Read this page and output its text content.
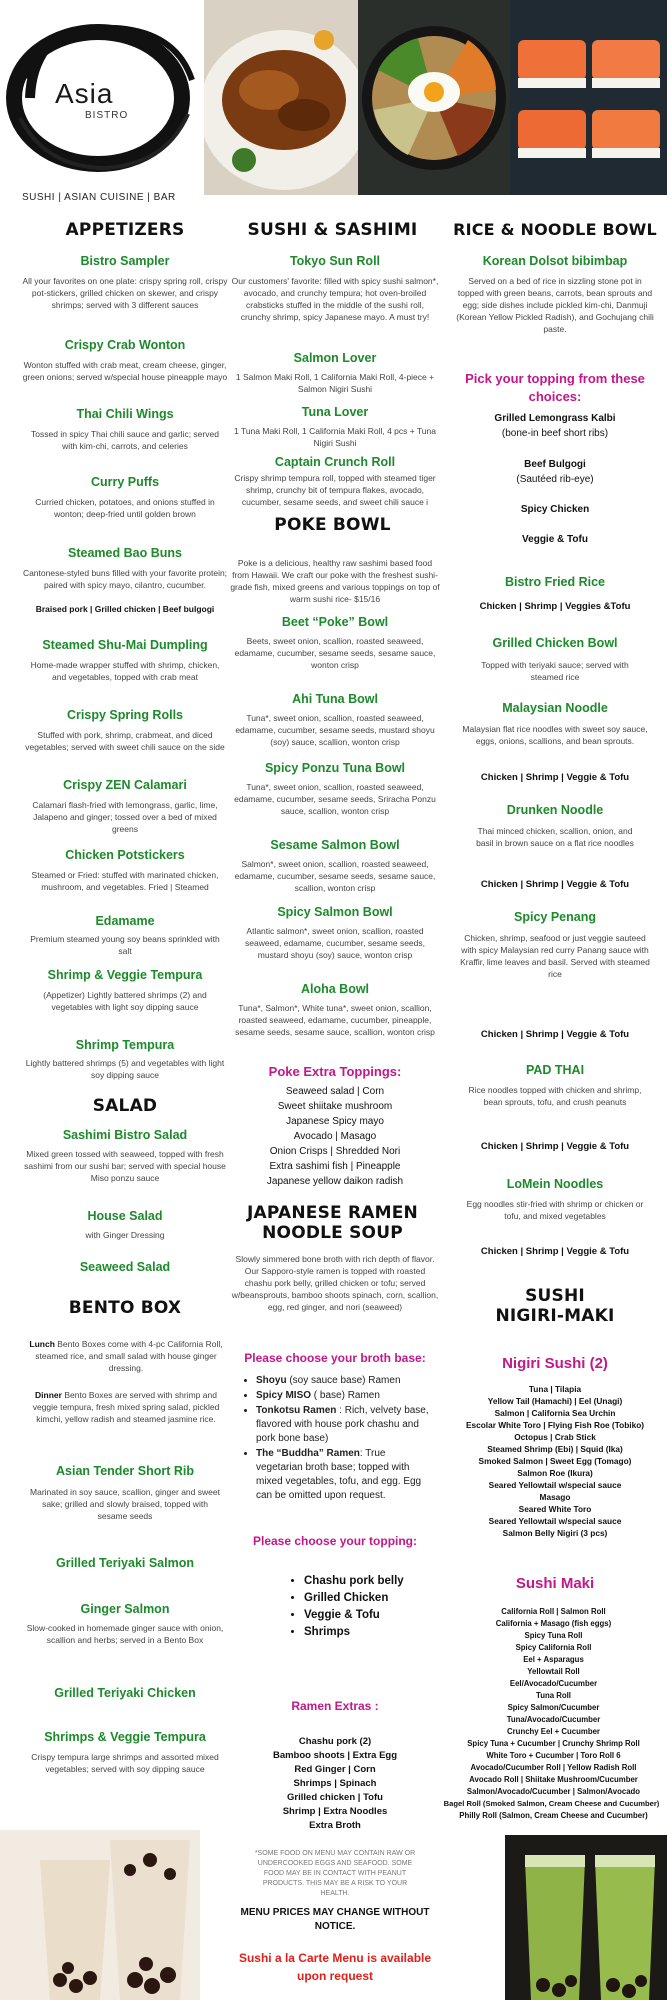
Asia
BISTRO
SUSHI | ASIAN CUISINE | BAR
APPETIZERS
Bistro Sampler
All your favorites on one plate: crispy spring roll, crispy pot-stickers, grilled chicken on skewer, and crispy shrimps; served with 3 different sauces
Crispy Crab Wonton
Wonton stuffed with crab meat, cream cheese, ginger, green onions; served w/special house pineapple mayo
Thai Chili Wings
Tossed in spicy Thai chili sauce and garlic; served with kim-chi, carrots, and celeries
Curry Puffs
Curried chicken, potatoes, and onions stuffed in wonton; deep-fried until golden brown
Steamed Bao Buns
Cantonese-styled buns filled with your favorite protein; paired with spicy mayo, cilantro, cucumber.
Braised pork | Grilled chicken | Beef bulgogi
Steamed Shu-Mai Dumpling
Home-made wrapper stuffed with shrimp, chicken, and vegetables, topped with crab meat
Crispy Spring Rolls
Stuffed with pork, shrimp, crabmeat, and diced vegetables; served with sweet chili sauce on the side
Crispy ZEN Calamari
Calamari flash-fried with lemongrass, garlic, lime, Jalapeno and ginger; tossed over a bed of mixed greens
Chicken Potstickers
Steamed or Fried: stuffed with marinated chicken, mushroom, and vegetables. Fried | Steamed
Edamame
Premium steamed young soy beans sprinkled with salt
Shrimp & Veggie Tempura
(Appetizer) Lightly battered shrimps (2) and vegetables with light soy dipping sauce
Shrimp Tempura
Lightly battered shrimps (5) and vegetables with light soy dipping sauce
SALAD
Sashimi Bistro Salad
Mixed green tossed with seaweed, topped with fresh sashimi from our sushi bar; served with special house Miso ponzu sauce
House Salad
with Ginger Dressing
Seaweed Salad
BENTO BOX
Lunch Bento Boxes come with 4-pc California Roll, steamed rice, and small salad with house ginger dressing.
Dinner Bento Boxes are served with shrimp and veggie tempura, fresh mixed spring salad, pickled kimchi, yellow radish and steamed jasmine rice.
Asian Tender Short Rib
Marinated in soy sauce, scallion, ginger and sweet sake; grilled and slowly braised, topped with sesame seeds
Grilled Teriyaki Salmon
Ginger Salmon
Slow-cooked in homemade ginger sauce with onion, scallion and herbs; served in a Bento Box
Grilled Teriyaki Chicken
Shrimps & Veggie Tempura
Crispy tempura large shrimps and assorted mixed vegetables; served with soy dipping sauce
SUSHI & SASHIMI
Tokyo Sun Roll
Our customers' favorite: filled with spicy sushi salmon*, avocado, and crunchy tempura; hot oven-broiled crabsticks stuffed in the middle of the sushi roll, crunchy shrimp, spicy Japanese mayo. A must try!
Salmon Lover
1 Salmon Maki Roll, 1 California Maki Roll, 4-piece + Salmon Nigiri Sushi
Tuna Lover
1 Tuna Maki Roll, 1 California Maki Roll, 4 pcs + Tuna Nigiri Sushi
Captain Crunch Roll
Crispy shrimp tempura roll, topped with steamed tiger shrimp, crunchy bit of tempura flakes, avocado, cucumber, sesame seeds, and sweet chili sauce i
POKE BOWL
Poke is a delicious, healthy raw sashimi based food from Hawaii. We craft our poke with the freshest sushi-grade fish, mixed greens and various toppings on top of warm sushi rice- $15/16
Beet “Poke” Bowl
Beets, sweet onion, scallion, roasted seaweed, edamame, cucumber, sesame seeds, sesame sauce, wonton crisp
Ahi Tuna Bowl
Tuna*, sweet onion, scallion, roasted seaweed, edamame, cucumber, sesame seeds, mustard shoyu (soy) sauce, scallion, wonton crisp
Spicy Ponzu Tuna Bowl
Tuna*, sweet onion, scallion, roasted seaweed, edamame, cucumber, sesame seeds, Sriracha Ponzu sauce, scallion, wonton crisp
Sesame Salmon Bowl
Salmon*, sweet onion, scallion, roasted seaweed, edamame, cucumber, sesame seeds, sesame sauce, scallion, wonton crisp
Spicy Salmon Bowl
Atlantic salmon*, sweet onion, scallion, roasted seaweed, edamame, cucumber, sesame seeds, mustard shoyu (soy) sauce, wonton crisp
Aloha Bowl
Tuna*, Salmon*, White tuna*, sweet onion, scallion, roasted seaweed, edamame, cucumber, pineapple, sesame seeds, sesame sauce, scallion, wonton crisp
Poke Extra Toppings:
Seaweed salad | Corn
Sweet shiitake mushroom
Japanese Spicy mayo
Avocado | Masago
Onion Crisps | Shredded Nori
Extra sashimi fish | Pineapple
Japanese yellow daikon radish
JAPANESE RAMEN
NOODLE SOUP
Slowly simmered bone broth with rich depth of flavor. Our Sapporo-style ramen is topped with roasted chashu pork belly, grilled chicken or tofu; served w/beansprouts, bamboo shoots spinach, corn, scallion, egg, red ginger, and nori (seaweed)
Please choose your broth base:
• Shoyu (soy sauce base) Ramen
• Spicy MISO ( base) Ramen
• Tonkotsu Ramen : Rich, velvety base, flavored with house pork chashu and pork bone base)
• The “Buddha” Ramen: True vegetarian broth base; topped with mixed vegetables, tofu, and egg. Egg can be omitted upon request.
Please choose your topping:
• Chashu pork belly
• Grilled Chicken
• Veggie & Tofu
• Shrimps
Ramen Extras :
Chashu pork (2)
Bamboo shoots | Extra Egg
Red Ginger | Corn
Shrimps | Spinach
Grilled chicken | Tofu
Shrimp | Extra Noodles
Extra Broth
*SOME FOOD ON MENU MAY CONTAIN RAW OR UNDERCOOKED EGGS AND SEAFOOD. SOME FOOD MAY BE IN CONTACT WITH PEANUT PRODUCTS. THIS MAY BE A RISK TO YOUR HEALTH.
MENU PRICES MAY CHANGE WITHOUT NOTICE.
Sushi a la Carte Menu is available upon request
RICE & NOODLE BOWL
Korean Dolsot bibimbap
Served on a bed of rice in sizzling stone pot in topped with green beans, carrots, bean sprouts and egg; side dishes include pickled kim-chi, Danmuji (Korean Yellow Pickled Radish), and Gochujang chili paste.
Pick your topping from these choices:
Grilled Lemongrass Kalbi
(bone-in beef short ribs)
Beef Bulgogi
(Sautéed rib-eye)
Spicy Chicken
Veggie & Tofu
Bistro Fried Rice
Chicken | Shrimp | Veggies &Tofu
Grilled Chicken Bowl
Topped with teriyaki sauce; served with steamed rice
Malaysian Noodle
Malaysian flat rice noodles with sweet soy sauce, eggs, onions, scallions, and bean sprouts.
Chicken | Shrimp | Veggie & Tofu
Drunken Noodle
Thai minced chicken, scallion, onion, and basil in brown sauce on a flat rice noodles
Chicken | Shrimp | Veggie & Tofu
Spicy Penang
Chicken, shrimp, seafood or just veggie sauteed with spicy Malaysian red curry Panang sauce with Kraffir, lime leaves and basil. Served with steamed rice
Chicken | Shrimp | Veggie & Tofu
PAD THAI
Rice noodles topped with chicken and shrimp, bean sprouts, tofu, and crush peanuts
Chicken | Shrimp | Veggie & Tofu
LoMein Noodles
Egg noodles stir-fried with shrimp or chicken or tofu, and mixed vegetables
Chicken | Shrimp | Veggie & Tofu
SUSHI
NIGIRI-MAKI
Nigiri Sushi (2)
Tuna | Tilapia
Yellow Tail (Hamachi) | Eel (Unagi)
Salmon | California Sea Urchin
Escolar White Toro | Flying Fish Roe (Tobiko)
Octopus | Crab Stick
Steamed Shrimp (Ebi) | Squid (Ika)
Smoked Salmon | Sweet Egg (Tomago)
Salmon Roe (Ikura)
Seared Yellowtail w/special sauce
Masago
Seared White Toro
Seared Yellowtail w/special sauce
Salmon Belly Nigiri (3 pcs)
Sushi Maki
California Roll | Salmon Roll
California + Masago (fish eggs)
Spicy Tuna Roll
Spicy California Roll
Eel + Asparagus
Yellowtail Roll
Eel/Avocado/Cucumber
Tuna Roll
Spicy Salmon/Cucumber
Tuna/Avocado/Cucumber
Crunchy Eel + Cucumber
Spicy Tuna + Cucumber | Crunchy Shrimp Roll
White Toro + Cucumber | Toro Roll 6
Avocado/Cucumber Roll | Yellow Radish Roll
Avocado Roll | Shiitake Mushroom/Cucumber
Salmon/Avocado/Cucumber | Salmon/Avocado
Bagel Roll (Smoked Salmon, Cream Cheese and Cucumber)
Philly Roll (Salmon, Cream Cheese and Cucumber)
